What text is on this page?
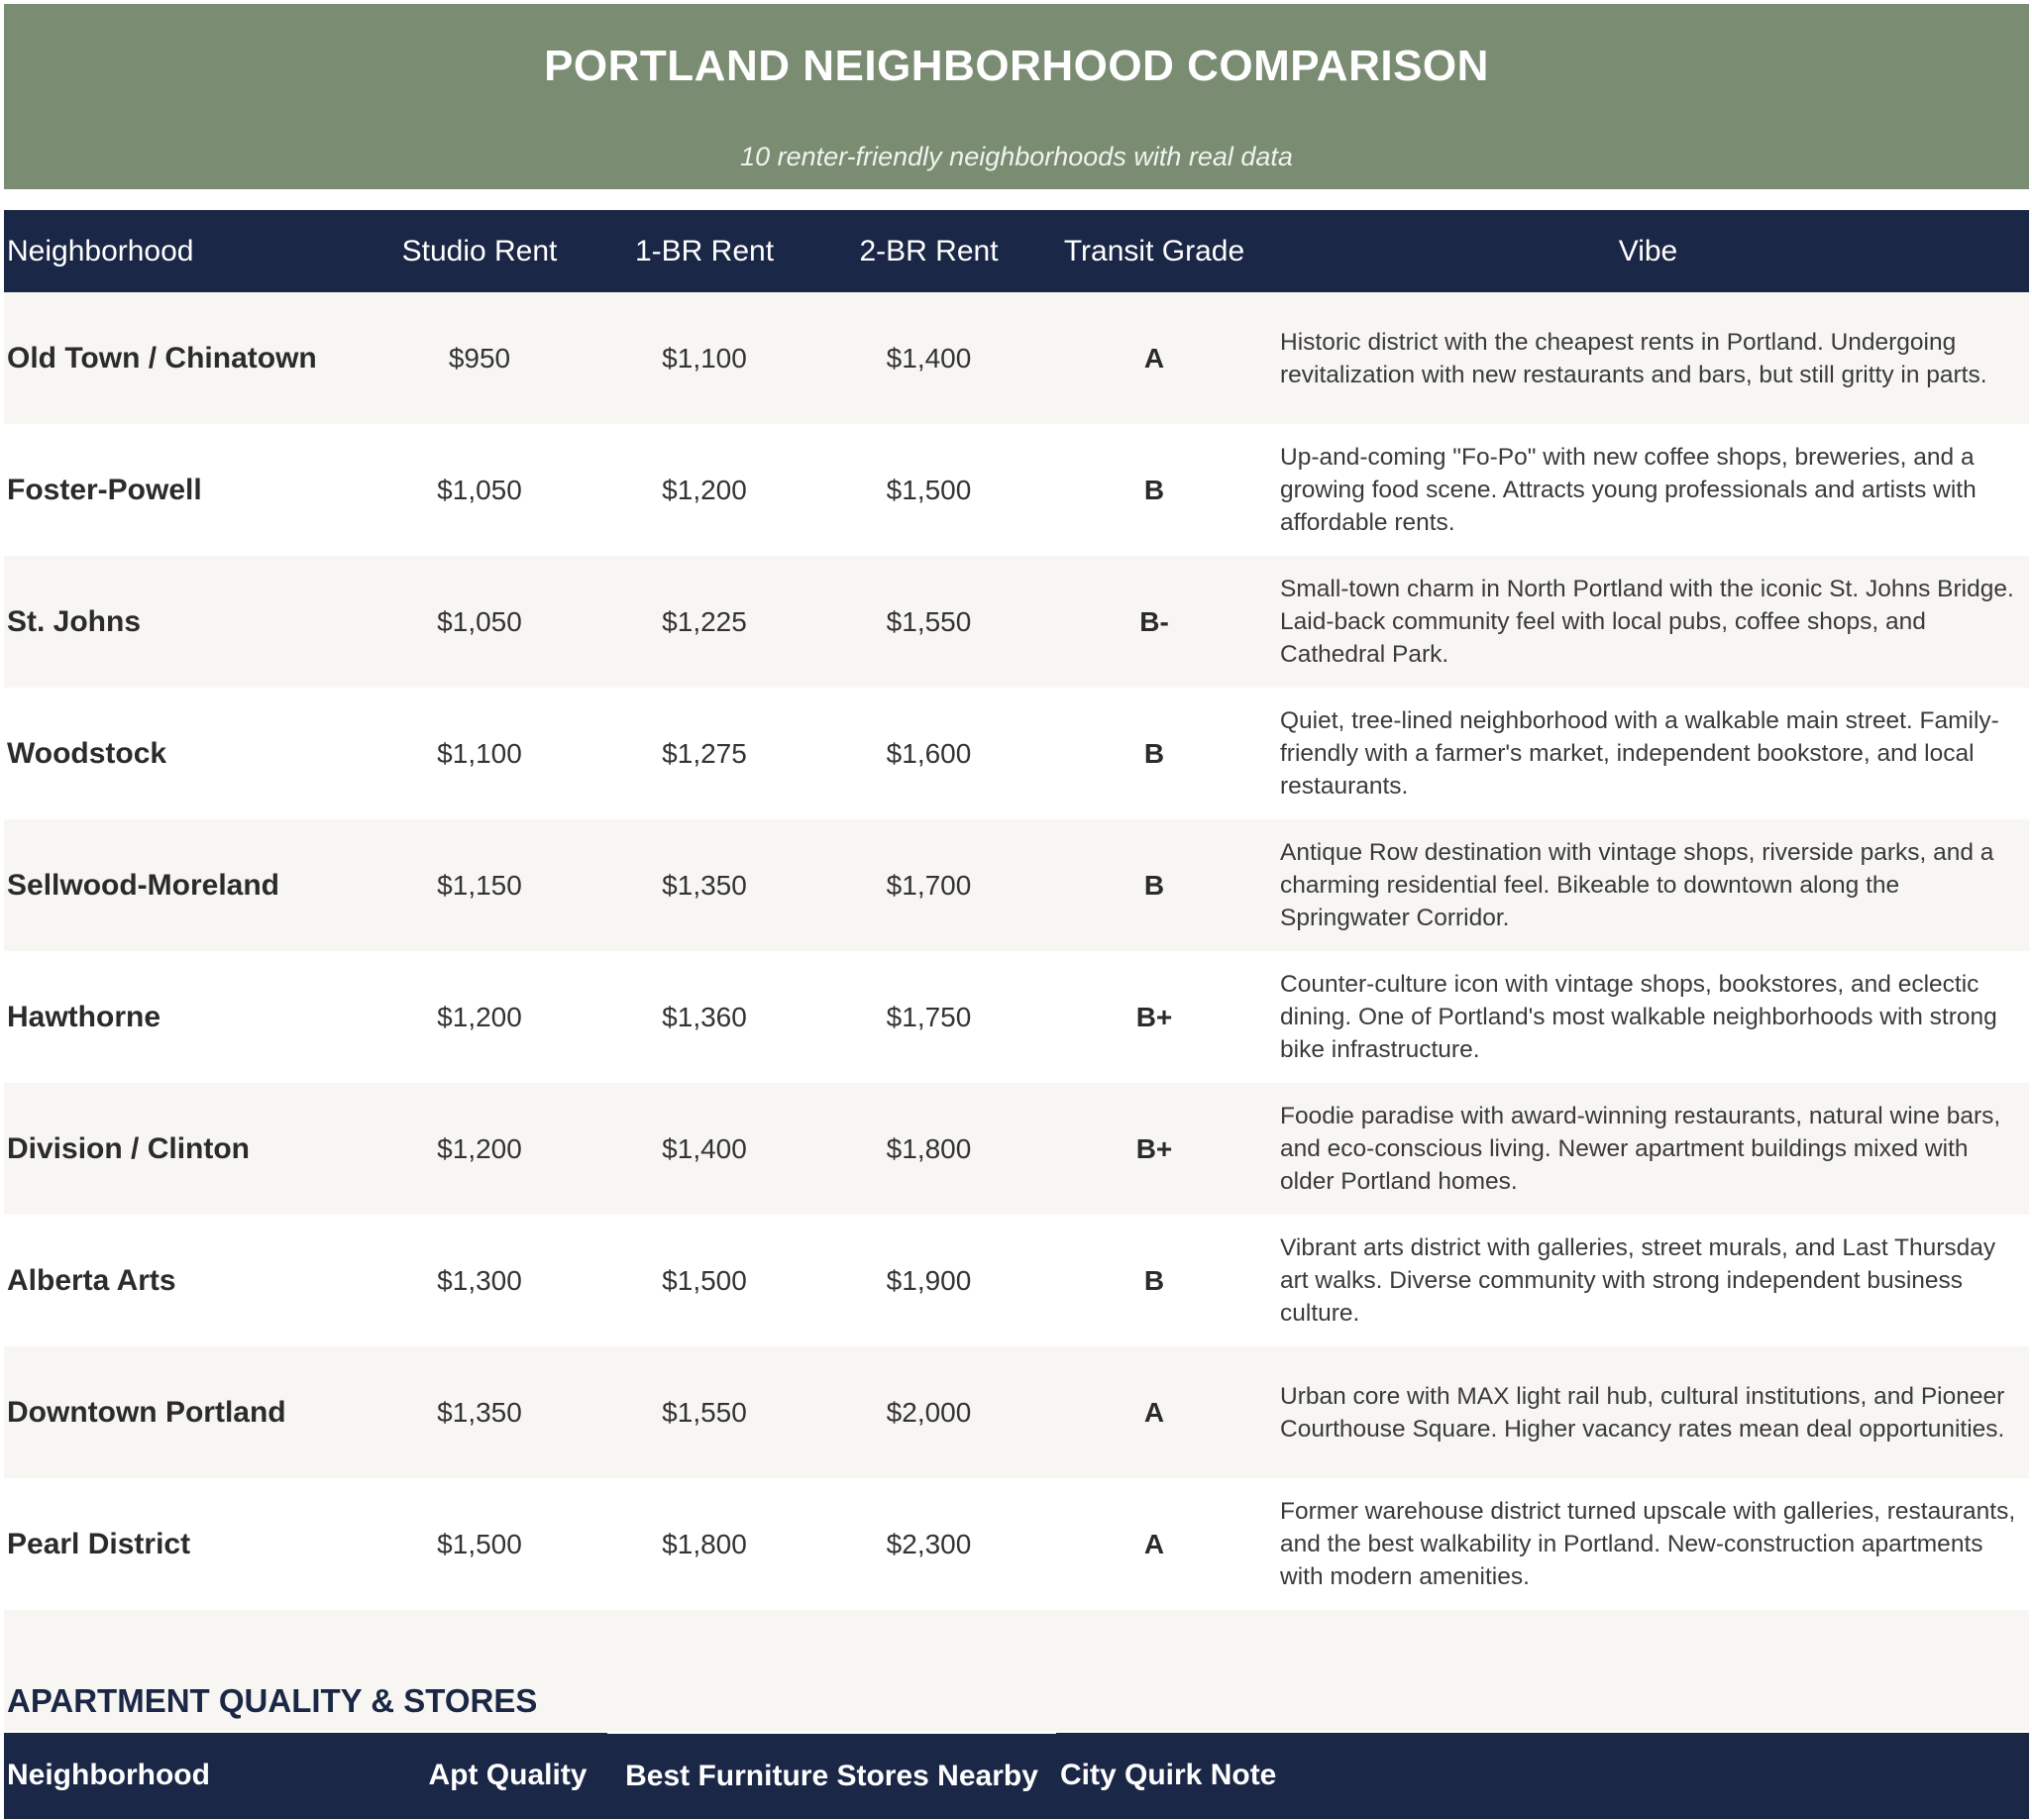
PORTLAND NEIGHBORHOOD COMPARISON
10 renter-friendly neighborhoods with real data
Neighborhood	Studio Rent	1-BR Rent	2-BR Rent	Transit Grade	Vibe
Old Town / Chinatown	$950	$1,100	$1,400	A	Historic district with the cheapest rents in Portland. Undergoing revitalization with new restaurants and bars, but still gritty in parts.
Foster-Powell	$1,050	$1,200	$1,500	B	Up-and-coming "Fo-Po" with new coffee shops, breweries, and a growing food scene. Attracts young professionals and artists with affordable rents.
St. Johns	$1,050	$1,225	$1,550	B-	Small-town charm in North Portland with the iconic St. Johns Bridge. Laid-back community feel with local pubs, coffee shops, and Cathedral Park.
Woodstock	$1,100	$1,275	$1,600	B	Quiet, tree-lined neighborhood with a walkable main street. Family-friendly with a farmer's market, independent bookstore, and local restaurants.
Sellwood-Moreland	$1,150	$1,350	$1,700	B	Antique Row destination with vintage shops, riverside parks, and a charming residential feel. Bikeable to downtown along the Springwater Corridor.
Hawthorne	$1,200	$1,360	$1,750	B+	Counter-culture icon with vintage shops, bookstores, and eclectic dining. One of Portland's most walkable neighborhoods with strong bike infrastructure.
Division / Clinton	$1,200	$1,400	$1,800	B+	Foodie paradise with award-winning restaurants, natural wine bars, and eco-conscious living. Newer apartment buildings mixed with older Portland homes.
Alberta Arts	$1,300	$1,500	$1,900	B	Vibrant arts district with galleries, street murals, and Last Thursday art walks. Diverse community with strong independent business culture.
Downtown Portland	$1,350	$1,550	$2,000	A	Urban core with MAX light rail hub, cultural institutions, and Pioneer Courthouse Square. Higher vacancy rates mean deal opportunities.
Pearl District	$1,500	$1,800	$2,300	A	Former warehouse district turned upscale with galleries, restaurants, and the best walkability in Portland. New-construction apartments with modern amenities.
APARTMENT QUALITY & STORES
Neighborhood	Apt Quality	Best Furniture Stores Nearby	City Quirk Note
